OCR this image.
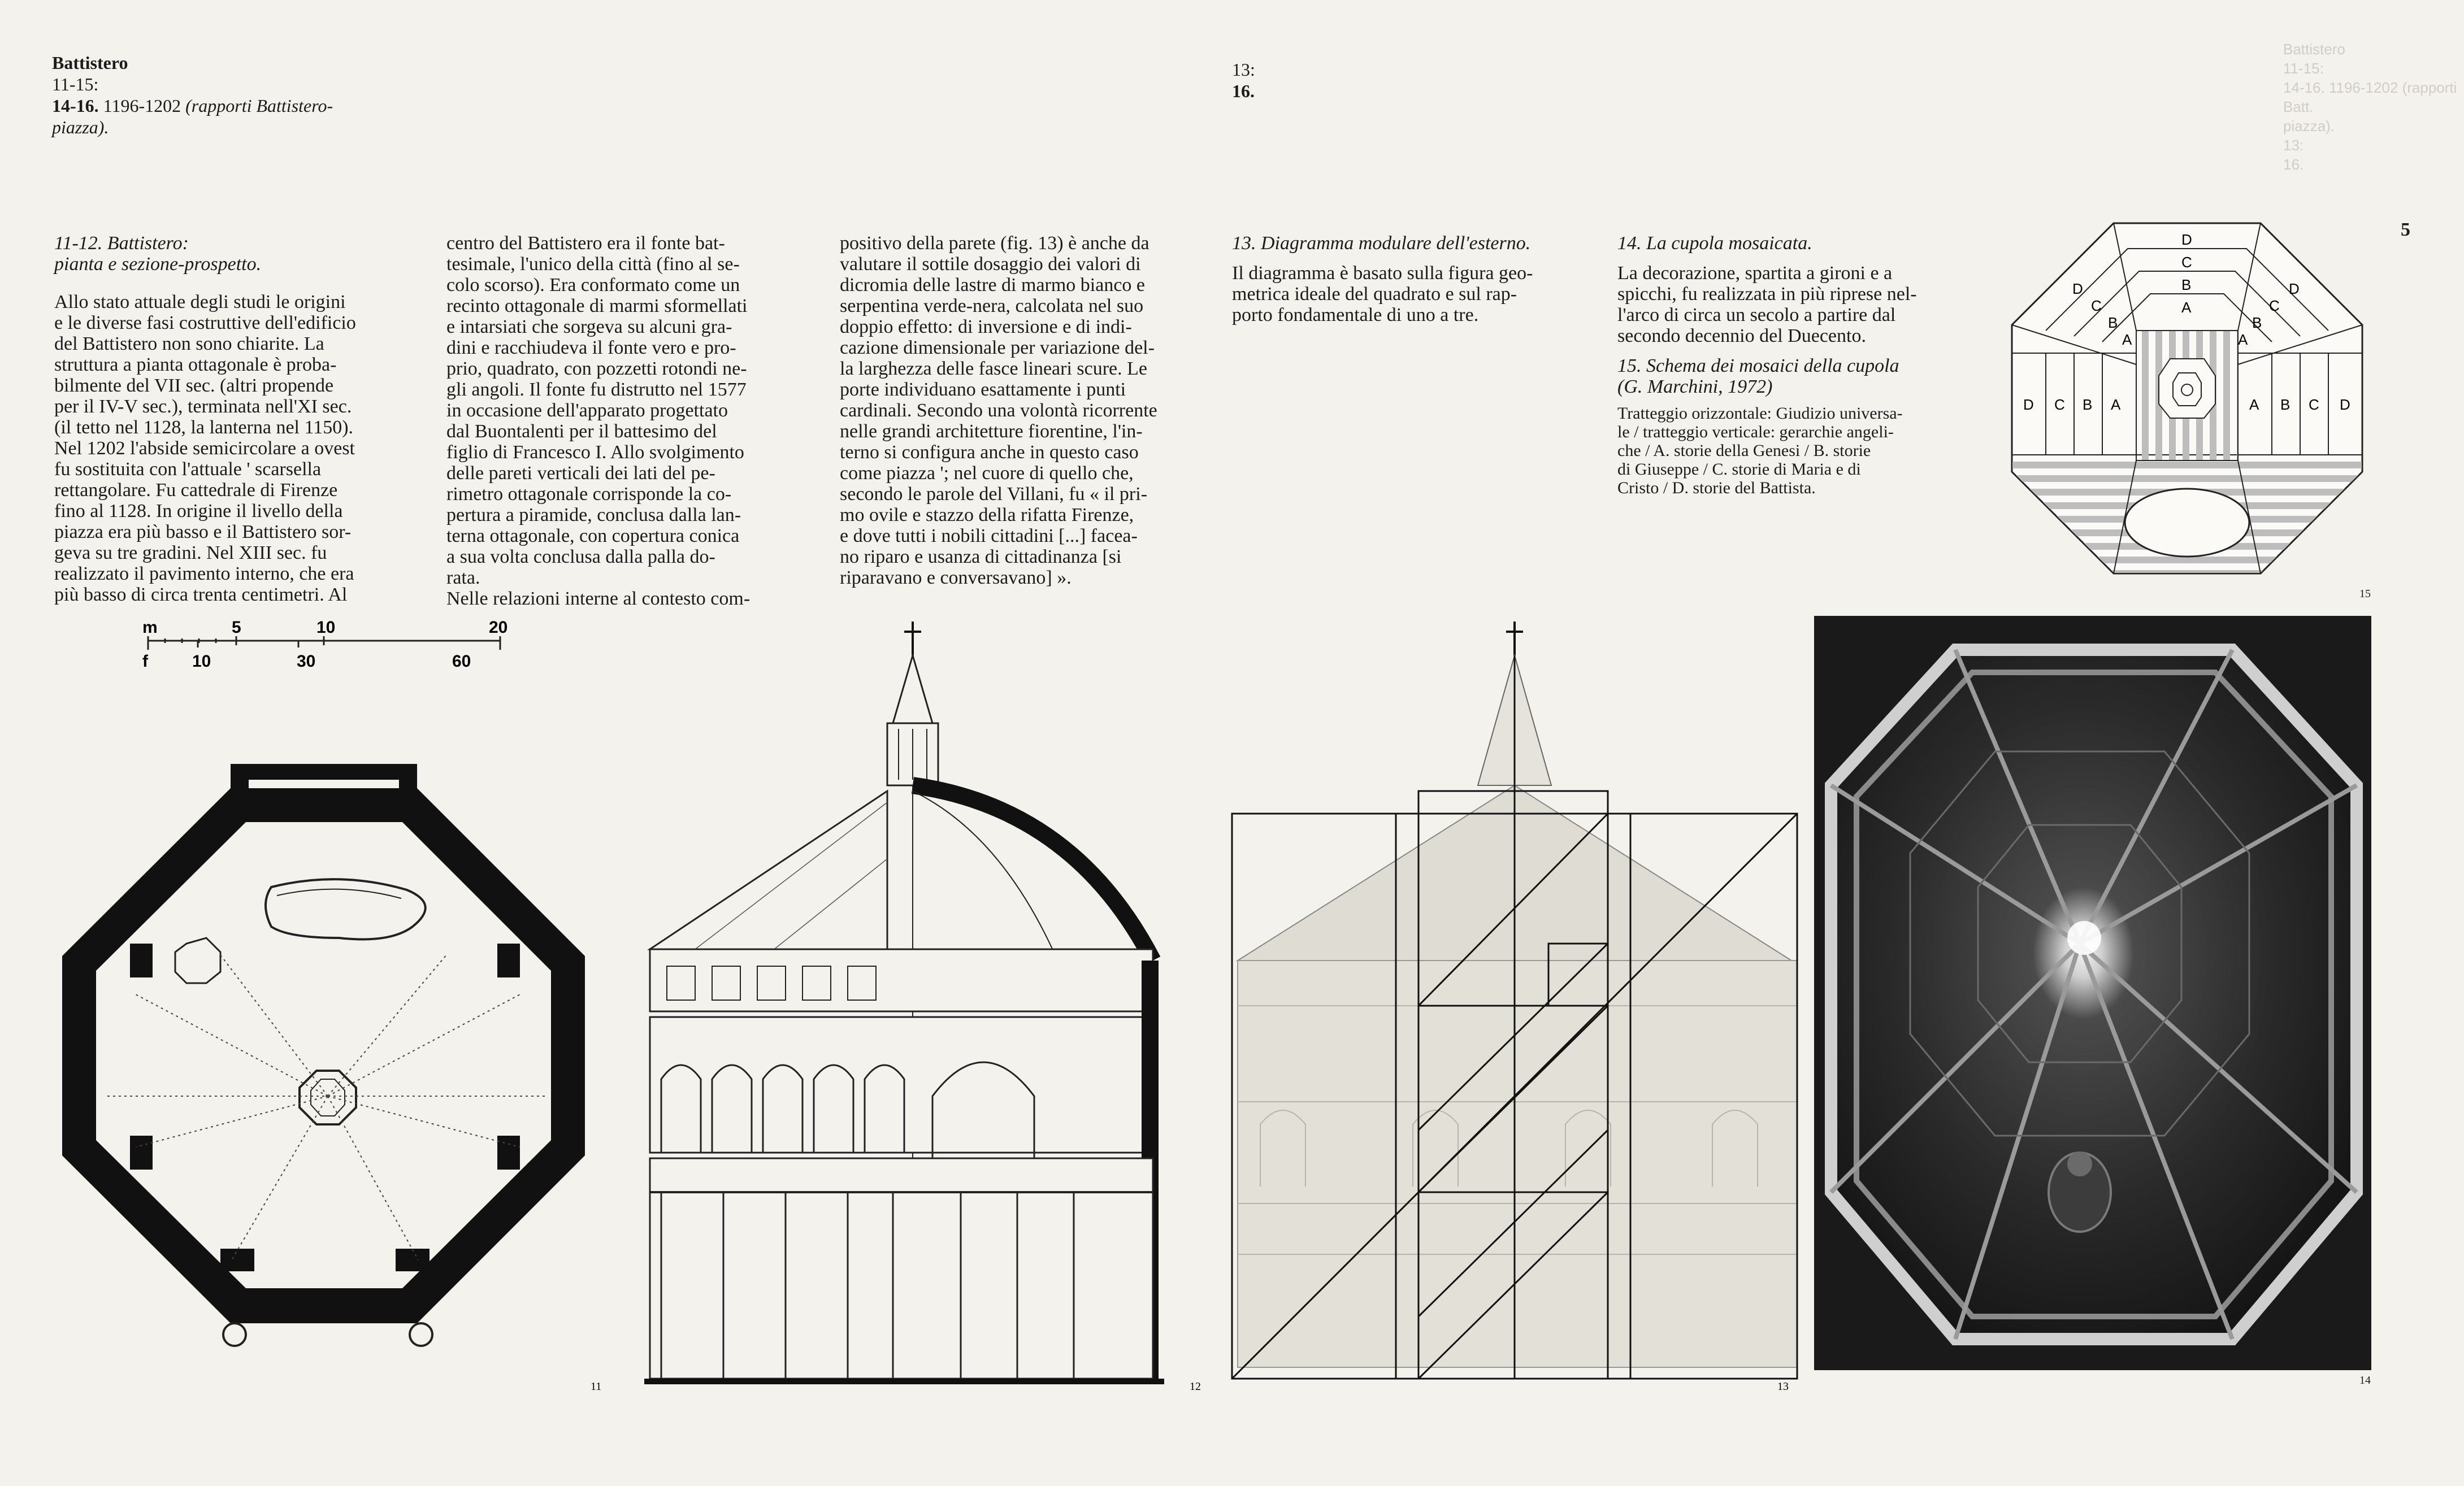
Battistero
11-15:
14-16. 1196-1202 (rapporti Battistero-
piazza).
13:
16.
Battistero
11-15:
14-16. 1196-1202 (rapporti Batt.
piazza).
13:
16.
5
11-12. Battistero:
pianta e sezione-prospetto.
Allo stato attuale degli studi le origini
e le diverse fasi costruttive dell'edificio
del Battistero non sono chiarite. La
struttura a pianta ottagonale è proba-
bilmente del VII sec. (altri propende
per il IV-V sec.), terminata nell'XI sec.
(il tetto nel 1128, la lanterna nel 1150).
Nel 1202 l'abside semicircolare a ovest
fu sostituita con l'attuale ' scarsella
rettangolare. Fu cattedrale di Firenze
fino al 1128. In origine il livello della
piazza era più basso e il Battistero sor-
geva su tre gradini. Nel XIII sec. fu
realizzato il pavimento interno, che era
più basso di circa trenta centimetri. Al
centro del Battistero era il fonte bat-
tesimale, l'unico della città (fino al se-
colo scorso). Era conformato come un
recinto ottagonale di marmi sformellati
e intarsiati che sorgeva su alcuni gra-
dini e racchiudeva il fonte vero e pro-
prio, quadrato, con pozzetti rotondi ne-
gli angoli. Il fonte fu distrutto nel 1577
in occasione dell'apparato progettato
dal Buontalenti per il battesimo del
figlio di Francesco I. Allo svolgimento
delle pareti verticali dei lati del pe-
rimetro ottagonale corrisponde la co-
pertura a piramide, conclusa dalla lan-
terna ottagonale, con copertura conica
a sua volta conclusa dalla palla do-
rata.
Nelle relazioni interne al contesto com-
positivo della parete (fig. 13) è anche da
valutare il sottile dosaggio dei valori di
dicromia delle lastre di marmo bianco e
serpentina verde-nera, calcolata nel suo
doppio effetto: di inversione e di indi-
cazione dimensionale per variazione del-
la larghezza delle fasce lineari scure. Le
porte individuano esattamente i punti
cardinali. Secondo una volontà ricorrente
nelle grandi architetture fiorentine, l'in-
terno si configura anche in questo caso
come piazza '; nel cuore di quello che,
secondo le parole del Villani, fu « il pri-
mo ovile e stazzo della rifatta Firenze,
e dove tutti i nobili cittadini [...] facea-
no riparo e usanza di cittadinanza [si
riparavano e conversavano] ».
13. Diagramma modulare dell'esterno.
Il diagramma è basato sulla figura geo-
metrica ideale del quadrato e sul rap-
porto fondamentale di uno a tre.
14. La cupola mosaicata.
La decorazione, spartita a gironi e a
spicchi, fu realizzata in più riprese nel-
l'arco di circa un secolo a partire dal
secondo decennio del Duecento.
15. Schema dei mosaici della cupola
(G. Marchini, 1972)
Tratteggio orizzontale: Giudizio universa-
le / tratteggio verticale: gerarchie angeli-
che / A. storie della Genesi / B. storie
di Giuseppe / C. storie di Maria e di
Cristo / D. storie del Battista.
m	5	10	20
f	10	30	60
11	12	13
D
C
B
A
D
C
B
A
D
C
B
A
D C B A	A B C D
15
14
